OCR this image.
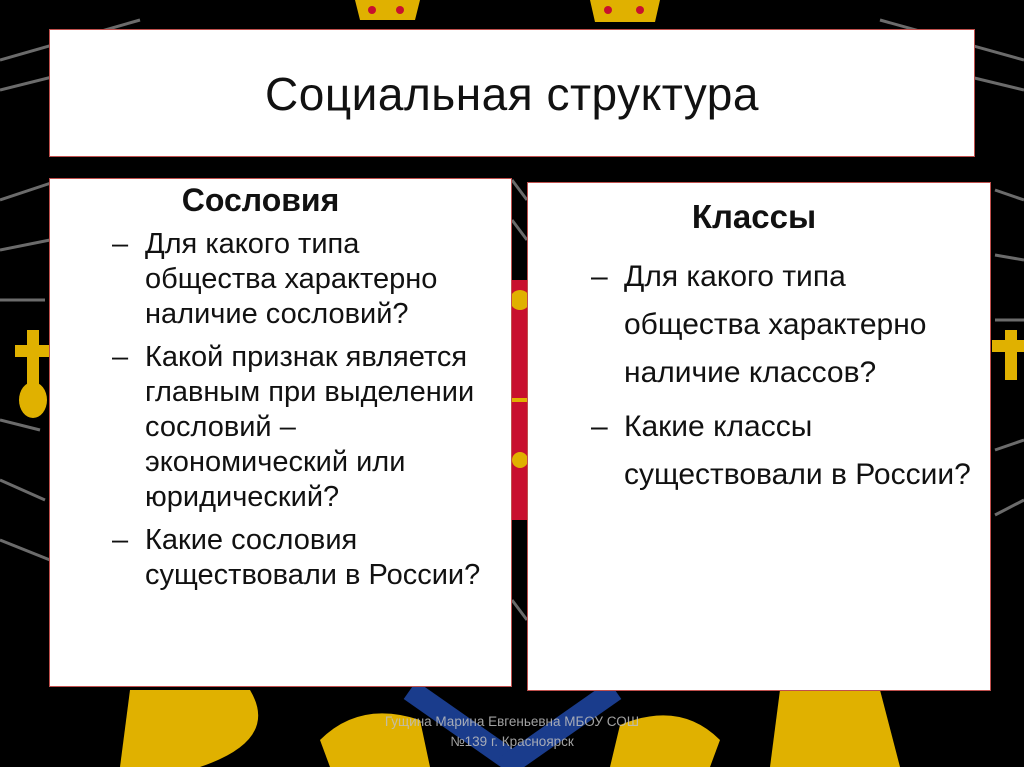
Социальная структура
Сословия
– Для какого типа общества характерно наличие сословий?
– Какой признак является главным при выделении сословий – экономический или юридический?
– Какие сословия существовали в России?
Классы
– Для какого типа общества характерно наличие классов?
– Какие классы существовали в России?
Гущина Марина Евгеньевна МБОУ СОШ
№139 г. Красноярск
